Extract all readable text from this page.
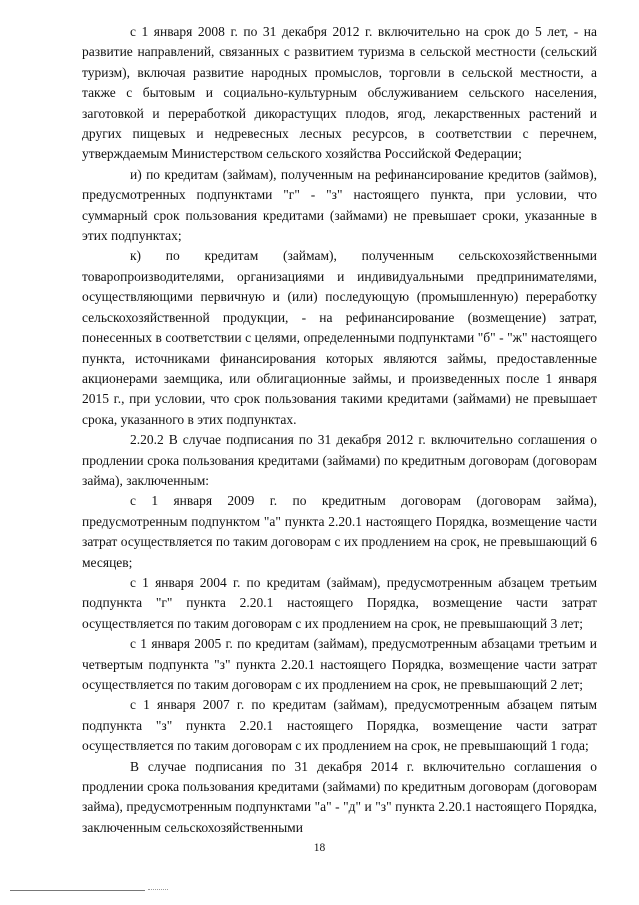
с 1 января 2008 г. по 31 декабря 2012 г. включительно на срок до 5 лет, - на развитие направлений, связанных с развитием туризма в сельской местности (сельский туризм), включая развитие народных промыслов, торговли в сельской местности, а также с бытовым и социально-культурным обслуживанием сельского населения, заготовкой и переработкой дикорастущих плодов, ягод, лекарственных растений и других пищевых и недревесных лесных ресурсов, в соответствии с перечнем, утверждаемым Министерством сельского хозяйства Российской Федерации;

и) по кредитам (займам), полученным на рефинансирование кредитов (займов), предусмотренных подпунктами "г" - "з" настоящего пункта, при условии, что суммарный срок пользования кредитами (займами) не превышает сроки, указанные в этих подпунктах;

к) по кредитам (займам), полученным сельскохозяйственными товаропроизводителями, организациями и индивидуальными предпринимателями, осуществляющими первичную и (или) последующую (промышленную) переработку сельскохозяйственной продукции, - на рефинансирование (возмещение) затрат, понесенных в соответствии с целями, определенными подпунктами "б" - "ж" настоящего пункта, источниками финансирования которых являются займы, предоставленные акционерами заемщика, или облигационные займы, и произведенных после 1 января 2015 г., при условии, что срок пользования такими кредитами (займами) не превышает срока, указанного в этих подпунктах.

2.20.2 В случае подписания по 31 декабря 2012 г. включительно соглашения о продлении срока пользования кредитами (займами) по кредитным договорам (договорам займа), заключенным:

с 1 января 2009 г. по кредитным договорам (договорам займа), предусмотренным подпунктом "а" пункта 2.20.1 настоящего Порядка, возмещение части затрат осуществляется по таким договорам с их продлением на срок, не превышающий 6 месяцев;

с 1 января 2004 г. по кредитам (займам), предусмотренным абзацем третьим подпункта "г" пункта 2.20.1 настоящего Порядка, возмещение части затрат осуществляется по таким договорам с их продлением на срок, не превышающий 3 лет;

с 1 января 2005 г. по кредитам (займам), предусмотренным абзацами третьим и четвертым подпункта "з" пункта 2.20.1 настоящего Порядка, возмещение части затрат осуществляется по таким договорам с их продлением на срок, не превышающий 2 лет;

с 1 января 2007 г. по кредитам (займам), предусмотренным абзацем пятым подпункта "з" пункта 2.20.1 настоящего Порядка, возмещение части затрат осуществляется по таким договорам с их продлением на срок, не превышающий 1 года;

В случае подписания по 31 декабря 2014 г. включительно соглашения о продлении срока пользования кредитами (займами) по кредитным договорам (договорам займа), предусмотренным подпунктами "а" - "д" и "з" пункта 2.20.1 настоящего Порядка, заключенным сельскохозяйственными

18
